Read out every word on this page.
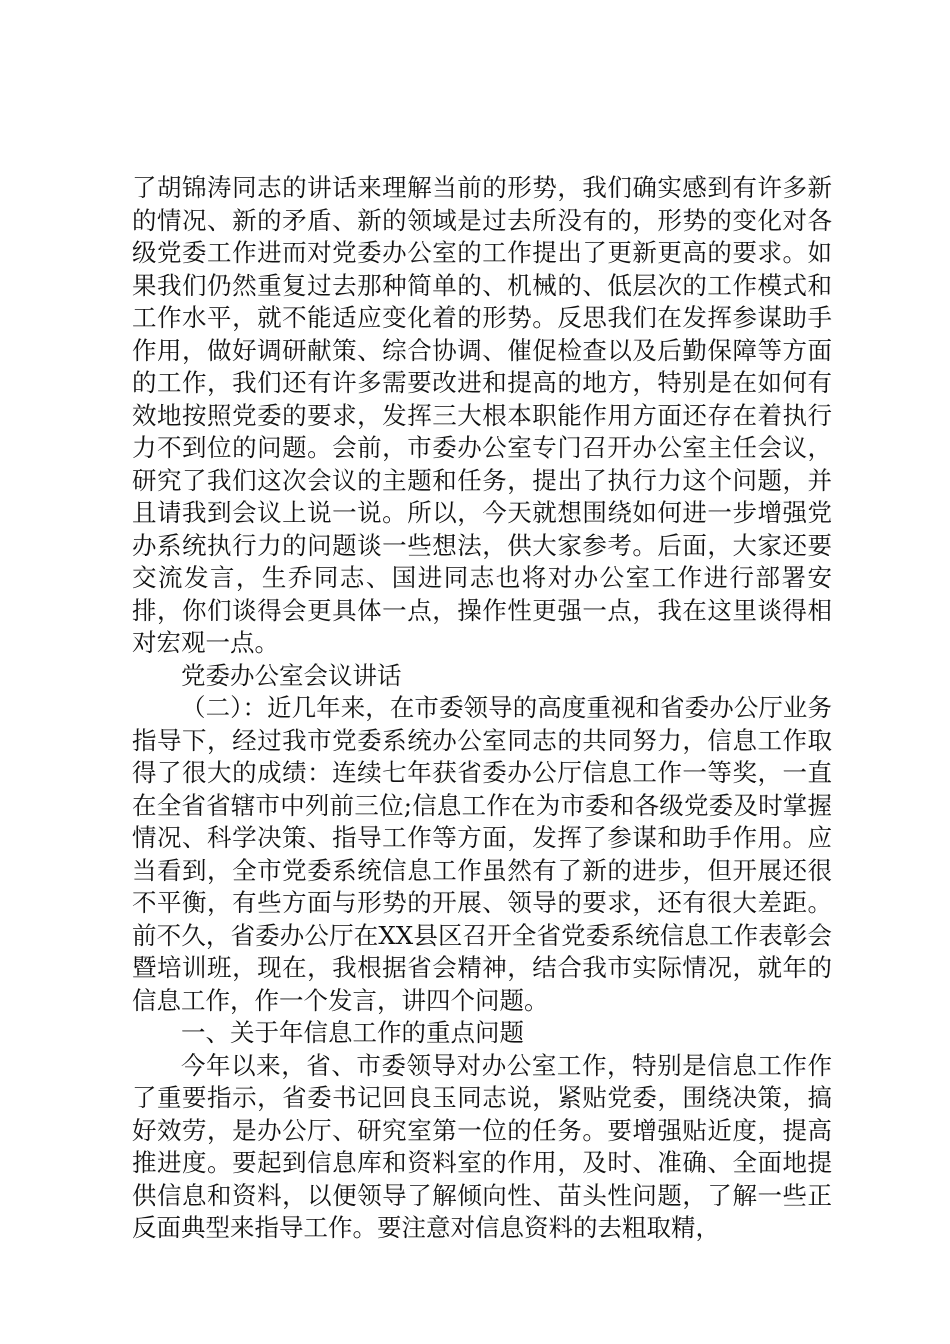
了胡锦涛同志的讲话来理解当前的形势，我们确实感到有许多新的情况、新的矛盾、新的领域是过去所没有的，形势的变化对各级党委工作进而对党委办公室的工作提出了更新更高的要求。如果我们仍然重复过去那种简单的、机械的、低层次的工作模式和工作水平，就不能适应变化着的形势。反思我们在发挥参谋助手作用，做好调研献策、综合协调、催促检查以及后勤保障等方面的工作，我们还有许多需要改进和提高的地方，特别是在如何有效地按照党委的要求，发挥三大根本职能作用方面还存在着执行力不到位的问题。会前，市委办公室专门召开办公室主任会议，研究了我们这次会议的主题和任务，提出了执行力这个问题，并且请我到会议上说一说。所以，今天就想围绕如何进一步增强党办系统执行力的问题谈一些想法，供大家参考。后面，大家还要交流发言，生乔同志、国进同志也将对办公室工作进行部署安排，你们谈得会更具体一点，操作性更强一点，我在这里谈得相对宏观一点。

党委办公室会议讲话

（二）：近几年来，在市委领导的高度重视和省委办公厅业务指导下，经过我市党委系统办公室同志的共同努力，信息工作取得了很大的成绩：连续七年获省委办公厅信息工作一等奖，一直在全省省辖市中列前三位;信息工作在为市委和各级党委及时掌握情况、科学决策、指导工作等方面，发挥了参谋和助手作用。应当看到，全市党委系统信息工作虽然有了新的进步，但开展还很不平衡，有些方面与形势的开展、领导的要求，还有很大差距。前不久，省委办公厅在XX县区召开全省党委系统信息工作表彰会暨培训班，现在，我根据省会精神，结合我市实际情况，就年的信息工作，作一个发言，讲四个问题。

一、关于年信息工作的重点问题

今年以来，省、市委领导对办公室工作，特别是信息工作作了重要指示，省委书记回良玉同志说，紧贴党委，围绕决策，搞好效劳，是办公厅、研究室第一位的任务。要增强贴近度，提高推进度。要起到信息库和资料室的作用，及时、准确、全面地提供信息和资料，以便领导了解倾向性、苗头性问题，了解一些正反面典型来指导工作。要注意对信息资料的去粗取精，
